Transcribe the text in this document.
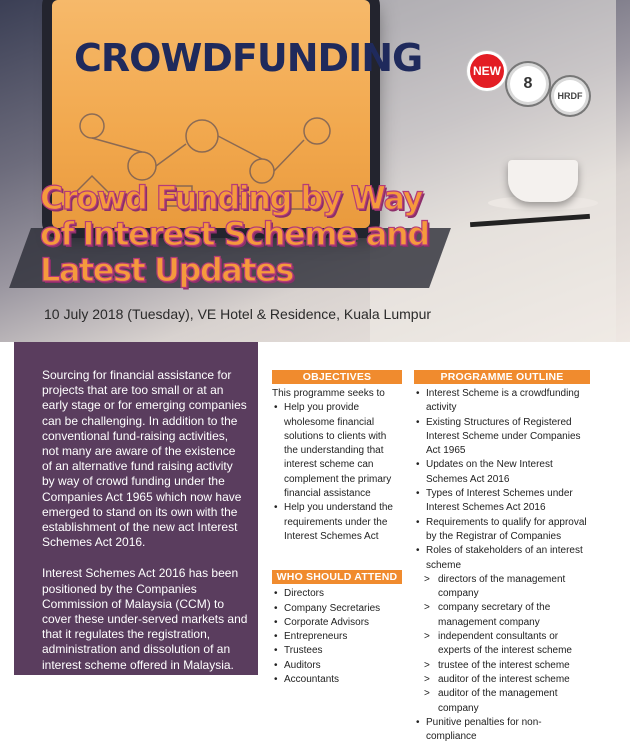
CROWDFUNDING	NEW
8
HRDF
Crowd Funding by Way
of Interest Scheme and
Latest Updates
10 July 2018 (Tuesday), VE Hotel & Residence, Kuala Lumpur

Sourcing for financial assistance for projects that are too small or at an early stage or for emerging companies can be challenging. In addition to the conventional fund-raising activities, not many are aware of the existence of an alternative fund raising activity by way of crowd funding under the Companies Act 1965 which now have emerged to stand on its own with the establishment of the new act Interest Schemes Act 2016.

Interest Schemes Act 2016 has been positioned by the Companies Commission of Malaysia (CCM) to cover these under-served markets and that it regulates the registration, administration and dissolution of an interest scheme offered in Malaysia.

OBJECTIVES
This programme seeks to
• Help you provide wholesome financial solutions to clients with the understanding that interest scheme can complement the primary financial assistance
• Help you understand the requirements under the Interest Schemes Act
WHO SHOULD ATTEND
• Directors
• Company Secretaries
• Corporate Advisors
• Entrepreneurs
• Trustees
• Auditors
• Accountants
PROGRAMME OUTLINE
• Interest Scheme is a crowdfunding activity
• Existing Structures of Registered Interest Scheme under Companies Act 1965
• Updates on the New Interest Schemes Act 2016
• Types of Interest Schemes under Interest Schemes Act 2016
• Requirements to qualify for approval by the Registrar of Companies
• Roles of stakeholders of an interest scheme
> directors of the management company
> company secretary of the management company
> independent consultants or experts of the interest scheme
> trustee of the interest scheme
> auditor of the interest scheme
> auditor of the management company
• Punitive penalties for non-compliance
